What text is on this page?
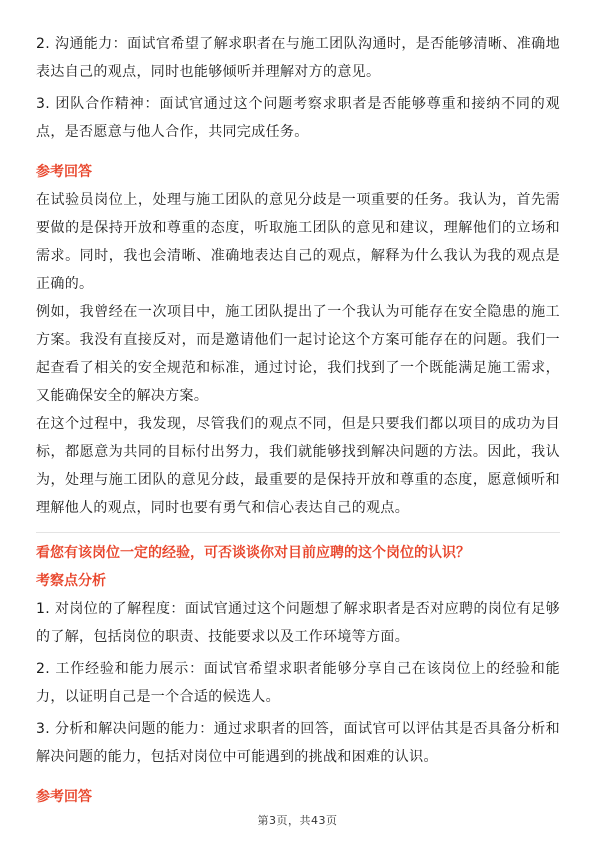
2. 沟通能力：面试官希望了解求职者在与施工团队沟通时，是否能够清晰、准确地表达自己的观点，同时也能够倾听并理解对方的意见。

3. 团队合作精神：面试官通过这个问题考察求职者是否能够尊重和接纳不同的观点，是否愿意与他人合作，共同完成任务。

参考回答

在试验员岗位上，处理与施工团队的意见分歧是一项重要的任务。我认为，首先需要做的是保持开放和尊重的态度，听取施工团队的意见和建议，理解他们的立场和需求。同时，我也会清晰、准确地表达自己的观点，解释为什么我认为我的观点是正确的。

例如，我曾经在一次项目中，施工团队提出了一个我认为可能存在安全隐患的施工方案。我没有直接反对，而是邀请他们一起讨论这个方案可能存在的问题。我们一起查看了相关的安全规范和标准，通过讨论，我们找到了一个既能满足施工需求，又能确保安全的解决方案。

在这个过程中，我发现，尽管我们的观点不同，但是只要我们都以项目的成功为目标，都愿意为共同的目标付出努力，我们就能够找到解决问题的方法。因此，我认为，处理与施工团队的意见分歧，最重要的是保持开放和尊重的态度，愿意倾听和理解他人的观点，同时也要有勇气和信心表达自己的观点。

看您有该岗位一定的经验，可否谈谈你对目前应聘的这个岗位的认识？
考察点分析

1. 对岗位的了解程度：面试官通过这个问题想了解求职者是否对应聘的岗位有足够的了解，包括岗位的职责、技能要求以及工作环境等方面。

2. 工作经验和能力展示：面试官希望求职者能够分享自己在该岗位上的经验和能力，以证明自己是一个合适的候选人。

3. 分析和解决问题的能力：通过求职者的回答，面试官可以评估其是否具备分析和解决问题的能力，包括对岗位中可能遇到的挑战和困难的认识。

参考回答
第3页，共43页
